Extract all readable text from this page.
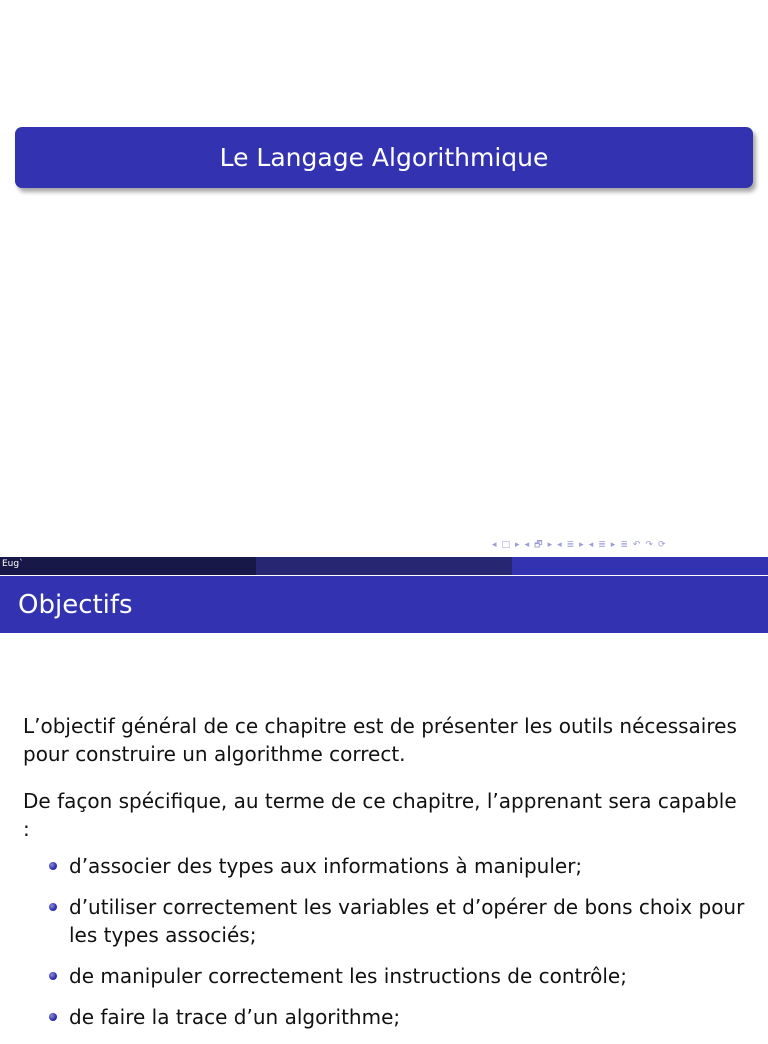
Le Langage Algorithmique
◂ □ ▸ ◂ 🗗 ▸ ◂ ≣ ▸ ◂ ≣ ▸ ≣ ↶ ↷ ⟳
Eug`
Objectifs

L’objectif général de ce chapitre est de présenter les outils nécessaires pour construire un algorithme correct.

De façon spécifique, au terme de ce chapitre, l’apprenant sera capable :

d’associer des types aux informations à manipuler;
d’utiliser correctement les variables et d’opérer de bons choix pour les types associés;
de manipuler correctement les instructions de contrôle;
de faire la trace d’un algorithme;
